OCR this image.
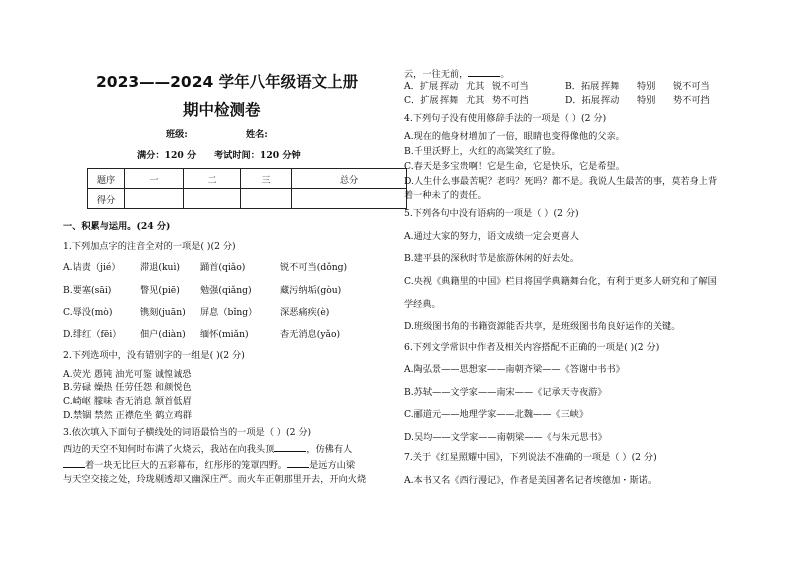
2023——2024 学年八年级语文上册
期中检测卷
班级:	姓名:
满分：120 分 考试时间：120 分钟
题序	一	二	三	总分
得分				
一、积累与运用。(24 分)
1.下列加点字的注音全对的一项是( )(2 分)
A.诘责（jié） 滞退(kuì) 踊首(qiǎo)	锐不可当(dǒng)
B.要塞(sāi)	瞥见(piē) 勉强(qiǎng)	藏污纳垢(gòu)
C.辱没(mò)	镌刻(juān) 屏息（bǐng） 深恶痛疾(è)
D.绯红（fēi） 佃户(diàn) 缅怀(miǎn)	杳无消息(yǎo)
2.下列选项中，没有错别字的一组是( )(2 分)
A.荧光 愚钝 油光可鉴 诚惶诚恐
B.劳碌 燥热 任劳任怨 和颜悦色
C.崎岖 朦味 杳无消息 颔首低眉
D.禁锢 禁然 正襟危坐 鹤立鸡群
3.依次填入下面句子横线处的词语最恰当的一项是（ ）(2 分)
西边的天空不知何时布满了火烧云，我站在向我头顶	，仿佛有人
着一块无比巨大的五彩幕布，红彤彤的笼罩四野。 是远方山梁
与天空交接之处，玲珑剔透却又幽深庄严。而火车正朝那里开去，开向火烧
云，一往无前，	。
A．扩展 挥动 尤其 锐不可当	B．拓展 挥舞 特别 锐不可当
C．扩展挥舞 尤其 势不可挡	D．拓展挥动 特别 势不可挡
4.下列句子没有使用修辞手法的一项是（ ）(2 分)
A.现在的他身材增加了一倍，眼睛也变得像他的父亲。
B.千里沃野上，火红的高粱笑红了脸。
C.春天是多宝贵啊！它是生命，它是快乐，它是希望。
D.人生什么事最苦呢？老吗？死吗？都不是。我说人生最苦的事，莫若身上背
着一种未了的责任。
5.下列各句中没有语病的一项是（ ）(2 分)
A.通过大家的努力，语文成绩一定会更喜人
B.建平县的深秋时节是旅游休闲的好去处。
C.央视《典籍里的中国》栏目将国学典籍舞台化，有利于更多人研究和了解国
学经典。
D.班级图书角的书籍资源能否共享，是班级图书角良好运作的关键。
6.下列文学常识中作者及相关内容搭配不正确的一项是( )(2 分)
A.陶弘景——思想家——南朝齐梁——《答谢中书书》
B.苏轼——文学家——南宋——《记承天寺夜游》
C.郦道元——地理学家——北魏——《三峡》
D.吴均——文学家——南朝梁——《与朱元思书》
7.关于《红星照耀中国》，下列说法不准确的一项是（ ）(2 分)
A.本书又名《西行漫记》，作者是美国著名记者埃德加・斯诺。
